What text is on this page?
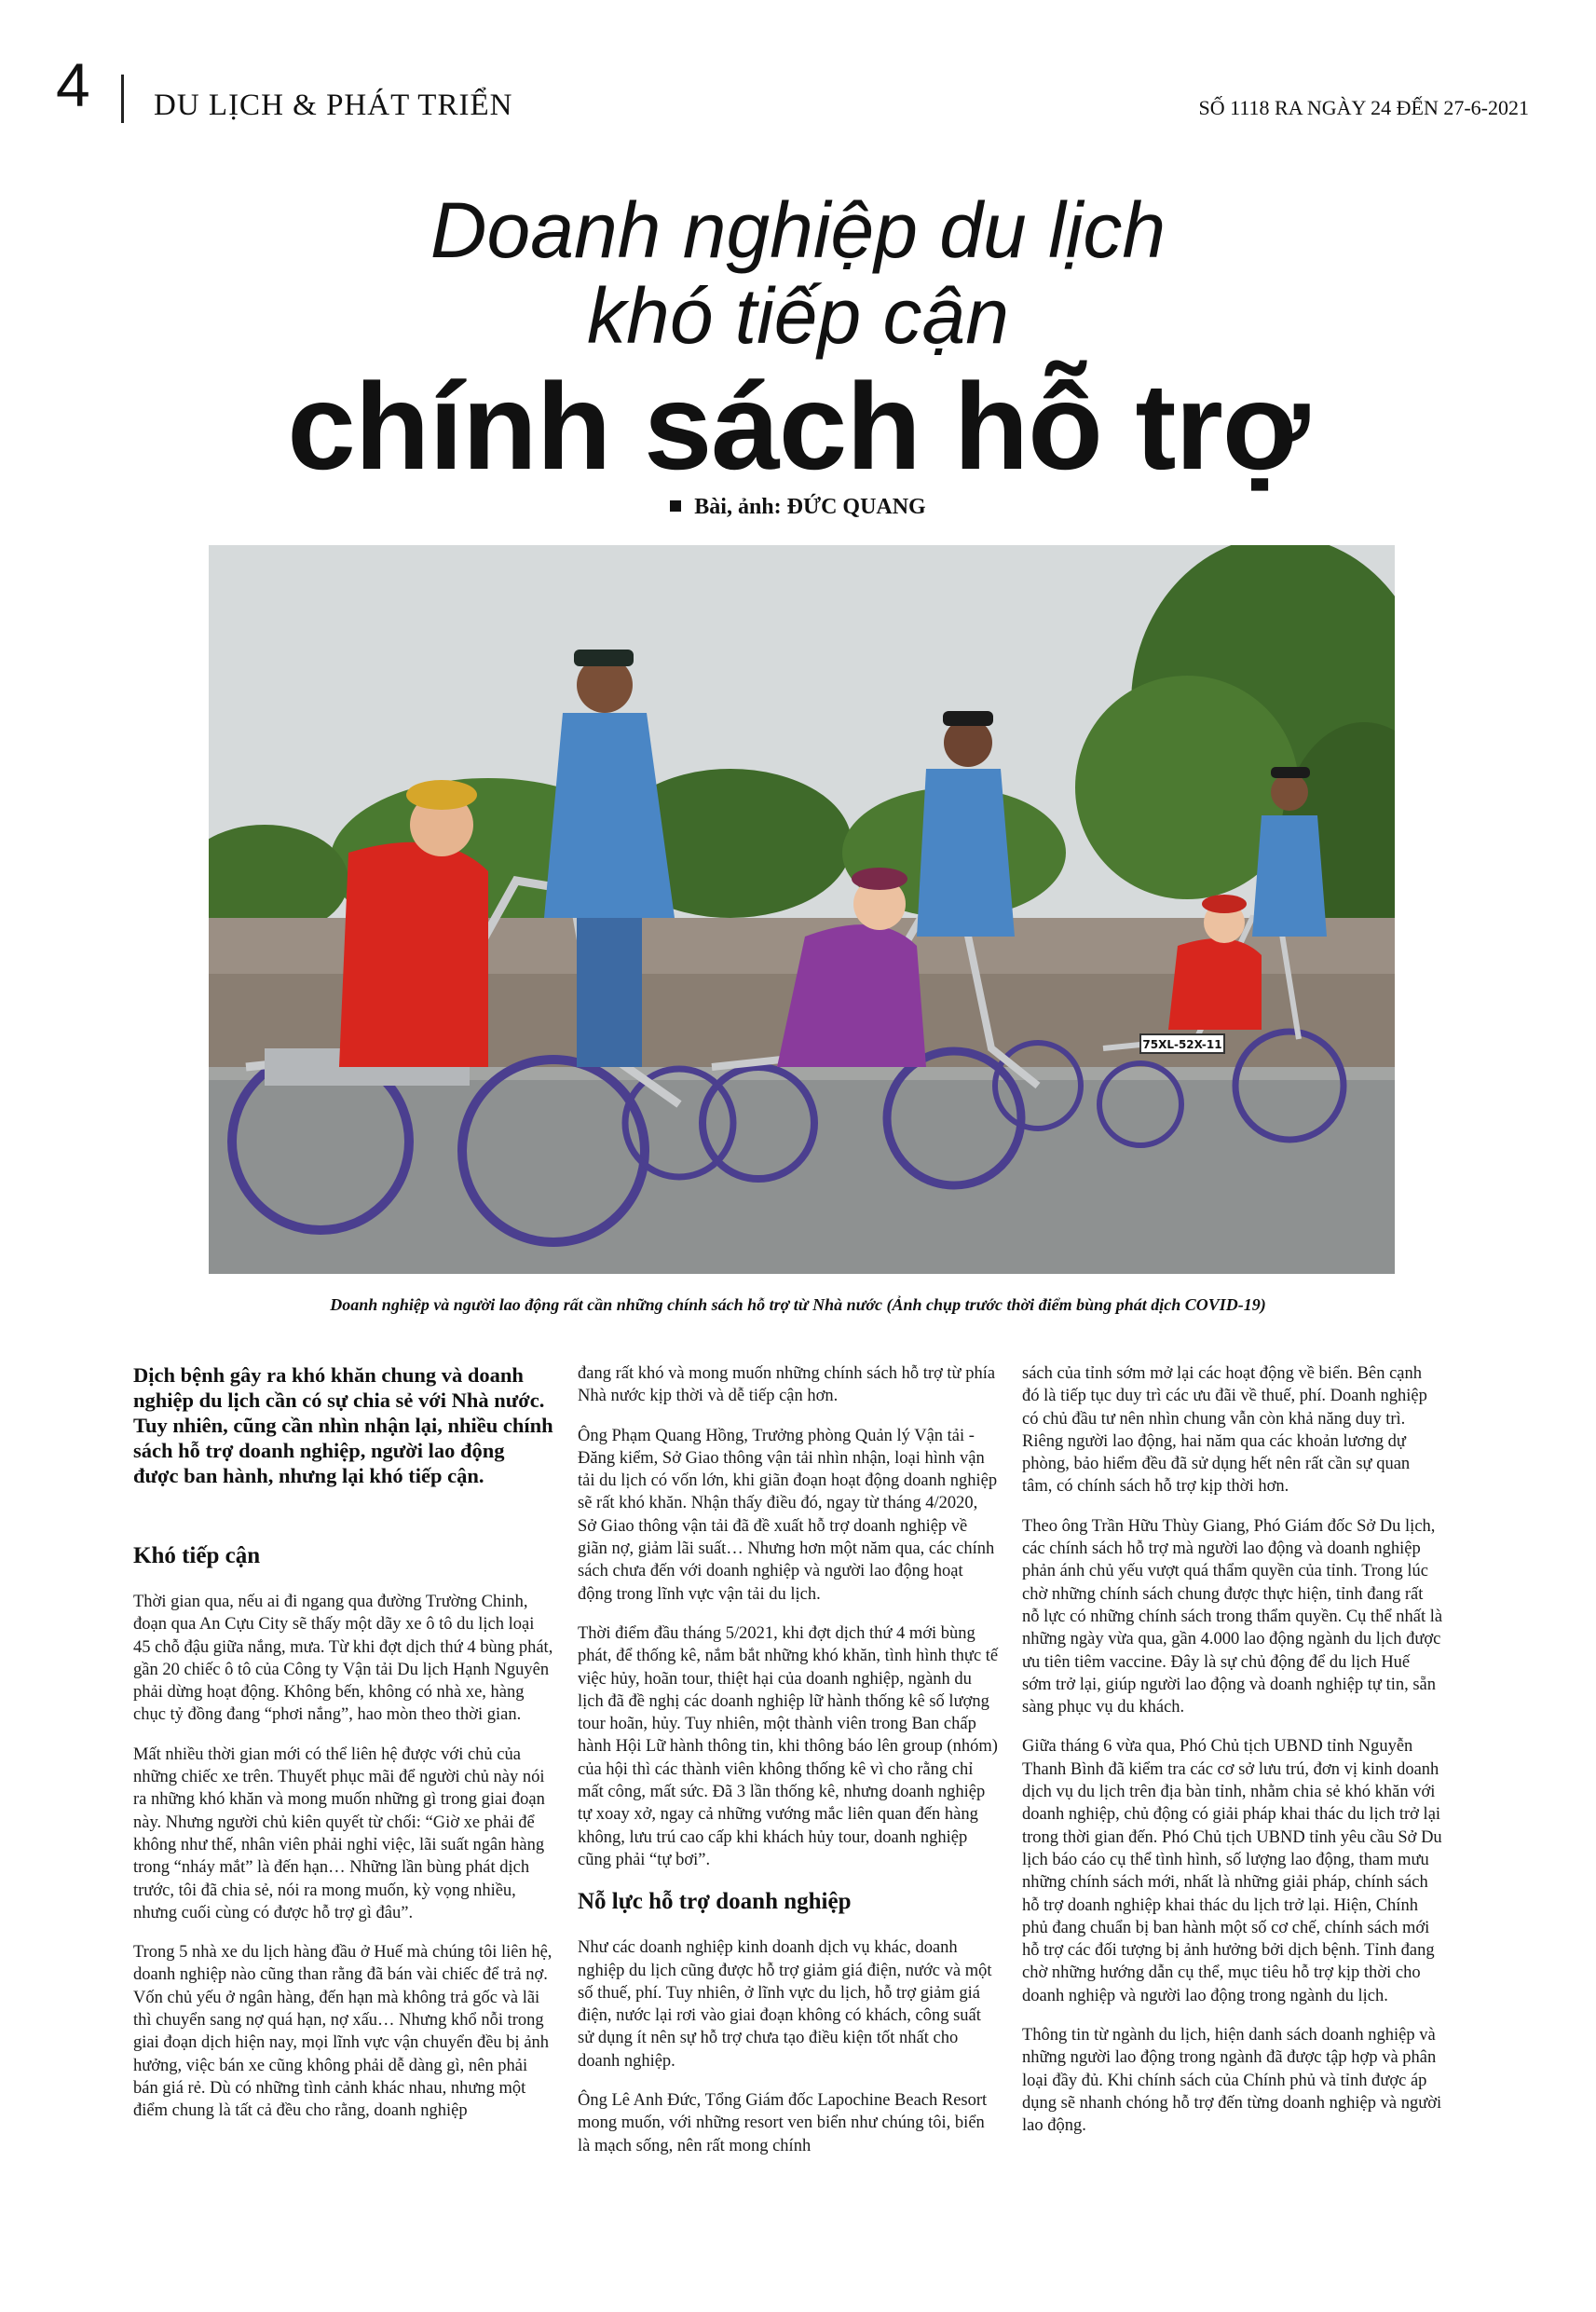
4 DU LỊCH & PHÁT TRIỂN	SỐ 1118 RA NGÀY 24 ĐẾN 27-6-2021
Doanh nghiệp du lịch
khó tiếp cận
chính sách hỗ trợ
Bài, ảnh: ĐỨC QUANG
75XL-52X-11
Doanh nghiệp và người lao động rất cần những chính sách hỗ trợ từ Nhà nước (Ảnh chụp trước thời điểm bùng phát dịch COVID-19)

Dịch bệnh gây ra khó khăn chung và doanh nghiệp du lịch cần có sự chia sẻ với Nhà nước. Tuy nhiên, cũng cần nhìn nhận lại, nhiều chính sách hỗ trợ doanh nghiệp, người lao động được ban hành, nhưng lại khó tiếp cận.

Khó tiếp cận

Thời gian qua, nếu ai đi ngang qua đường Trường Chinh, đoạn qua An Cựu City sẽ thấy một dãy xe ô tô du lịch loại 45 chỗ đậu giữa nắng, mưa. Từ khi đợt dịch thứ 4 bùng phát, gần 20 chiếc ô tô của Công ty Vận tải Du lịch Hạnh Nguyên phải dừng hoạt động. Không bến, không có nhà xe, hàng chục tỷ đồng đang “phơi nắng”, hao mòn theo thời gian.

Mất nhiều thời gian mới có thể liên hệ được với chủ của những chiếc xe trên. Thuyết phục mãi để người chủ này nói ra những khó khăn và mong muốn những gì trong giai đoạn này. Nhưng người chủ kiên quyết từ chối: “Giờ xe phải để không như thế, nhân viên phải nghỉ việc, lãi suất ngân hàng trong “nháy mắt” là đến hạn… Những lần bùng phát dịch trước, tôi đã chia sẻ, nói ra mong muốn, kỳ vọng nhiều, nhưng cuối cùng có được hỗ trợ gì đâu”.

Trong 5 nhà xe du lịch hàng đầu ở Huế mà chúng tôi liên hệ, doanh nghiệp nào cũng than rằng đã bán vài chiếc để trả nợ. Vốn chủ yếu ở ngân hàng, đến hạn mà không trả gốc và lãi thì chuyển sang nợ quá hạn, nợ xấu… Nhưng khổ nỗi trong giai đoạn dịch hiện nay, mọi lĩnh vực vận chuyển đều bị ảnh hưởng, việc bán xe cũng không phải dễ dàng gì, nên phải bán giá rẻ. Dù có những tình cảnh khác nhau, nhưng một điểm chung là tất cả đều cho rằng, doanh nghiệp

đang rất khó và mong muốn những chính sách hỗ trợ từ phía Nhà nước kịp thời và dễ tiếp cận hơn.

Ông Phạm Quang Hồng, Trưởng phòng Quản lý Vận tải - Đăng kiểm, Sở Giao thông vận tải nhìn nhận, loại hình vận tải du lịch có vốn lớn, khi giãn đoạn hoạt động doanh nghiệp sẽ rất khó khăn. Nhận thấy điều đó, ngay từ tháng 4/2020, Sở Giao thông vận tải đã đề xuất hỗ trợ doanh nghiệp về giãn nợ, giảm lãi suất… Nhưng hơn một năm qua, các chính sách chưa đến với doanh nghiệp và người lao động hoạt động trong lĩnh vực vận tải du lịch.

Thời điểm đầu tháng 5/2021, khi đợt dịch thứ 4 mới bùng phát, để thống kê, nắm bắt những khó khăn, tình hình thực tế việc hủy, hoãn tour, thiệt hại của doanh nghiệp, ngành du lịch đã đề nghị các doanh nghiệp lữ hành thống kê số lượng tour hoãn, hủy. Tuy nhiên, một thành viên trong Ban chấp hành Hội Lữ hành thông tin, khi thông báo lên group (nhóm) của hội thì các thành viên không thống kê vì cho rằng chỉ mất công, mất sức. Đã 3 lần thống kê, nhưng doanh nghiệp tự xoay xở, ngay cả những vướng mắc liên quan đến hàng không, lưu trú cao cấp khi khách hủy tour, doanh nghiệp cũng phải “tự bơi”.

Nỗ lực hỗ trợ doanh nghiệp

Như các doanh nghiệp kinh doanh dịch vụ khác, doanh nghiệp du lịch cũng được hỗ trợ giảm giá điện, nước và một số thuế, phí. Tuy nhiên, ở lĩnh vực du lịch, hỗ trợ giảm giá điện, nước lại rơi vào giai đoạn không có khách, công suất sử dụng ít nên sự hỗ trợ chưa tạo điều kiện tốt nhất cho doanh nghiệp.

Ông Lê Anh Đức, Tổng Giám đốc Lapochine Beach Resort mong muốn, với những resort ven biển như chúng tôi, biển là mạch sống, nên rất mong chính

sách của tỉnh sớm mở lại các hoạt động về biển. Bên cạnh đó là tiếp tục duy trì các ưu đãi về thuế, phí. Doanh nghiệp có chủ đầu tư nên nhìn chung vẫn còn khả năng duy trì. Riêng người lao động, hai năm qua các khoản lương dự phòng, bảo hiểm đều đã sử dụng hết nên rất cần sự quan tâm, có chính sách hỗ trợ kịp thời hơn.

Theo ông Trần Hữu Thùy Giang, Phó Giám đốc Sở Du lịch, các chính sách hỗ trợ mà người lao động và doanh nghiệp phản ánh chủ yếu vượt quá thẩm quyền của tỉnh. Trong lúc chờ những chính sách chung được thực hiện, tỉnh đang rất nỗ lực có những chính sách trong thẩm quyền. Cụ thể nhất là những ngày vừa qua, gần 4.000 lao động ngành du lịch được ưu tiên tiêm vaccine. Đây là sự chủ động để du lịch Huế sớm trở lại, giúp người lao động và doanh nghiệp tự tin, sẵn sàng phục vụ du khách.

Giữa tháng 6 vừa qua, Phó Chủ tịch UBND tỉnh Nguyễn Thanh Bình đã kiểm tra các cơ sở lưu trú, đơn vị kinh doanh dịch vụ du lịch trên địa bàn tỉnh, nhằm chia sẻ khó khăn với doanh nghiệp, chủ động có giải pháp khai thác du lịch trở lại trong thời gian đến. Phó Chủ tịch UBND tỉnh yêu cầu Sở Du lịch báo cáo cụ thể tình hình, số lượng lao động, tham mưu những chính sách mới, nhất là những giải pháp, chính sách hỗ trợ doanh nghiệp khai thác du lịch trở lại. Hiện, Chính phủ đang chuẩn bị ban hành một số cơ chế, chính sách mới hỗ trợ các đối tượng bị ảnh hưởng bởi dịch bệnh. Tỉnh đang chờ những hướng dẫn cụ thể, mục tiêu hỗ trợ kịp thời cho doanh nghiệp và người lao động trong ngành du lịch.

Thông tin từ ngành du lịch, hiện danh sách doanh nghiệp và những người lao động trong ngành đã được tập hợp và phân loại đầy đủ. Khi chính sách của Chính phủ và tỉnh được áp dụng sẽ nhanh chóng hỗ trợ đến từng doanh nghiệp và người lao động.
